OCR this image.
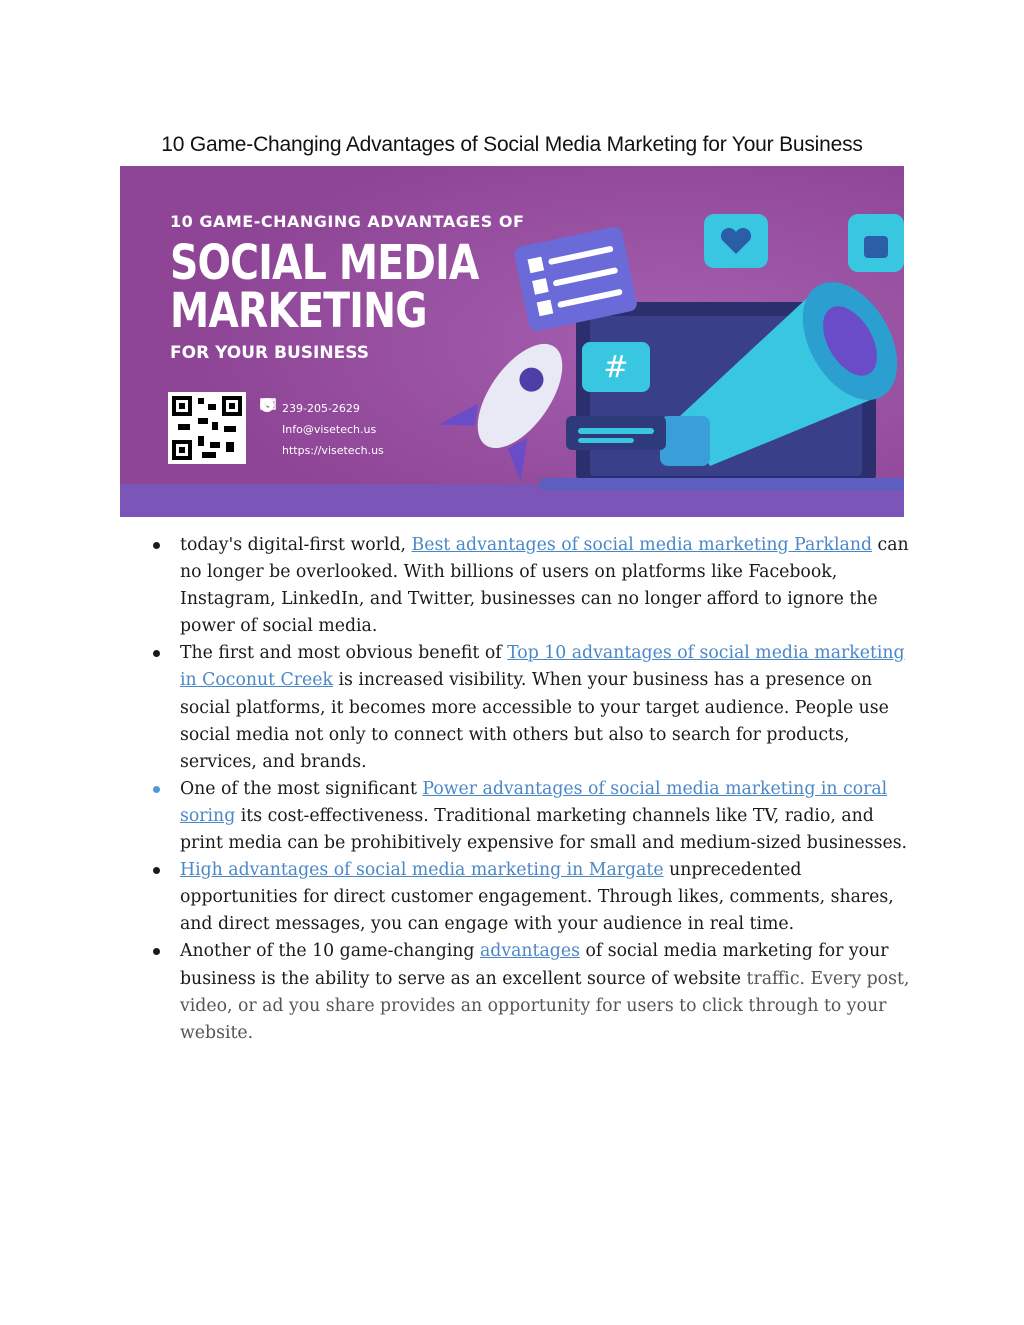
10 Game-Changing Advantages of Social Media Marketing for Your Business
#
10 GAME-CHANGING ADVANTAGES OF
SOCIAL MEDIA
MARKETING
FOR YOUR BUSINESS
239-205-2629
Info@visetech.us
https://visetech.us
today's digital-first world, Best advantages of social media marketing Parkland can no longer be overlooked. With billions of users on platforms like Facebook, Instagram, LinkedIn, and Twitter, businesses can no longer afford to ignore the power of social media.
The first and most obvious benefit of Top 10 advantages of social media marketing in Coconut Creek is increased visibility. When your business has a presence on social platforms, it becomes more accessible to your target audience. People use social media not only to connect with others but also to search for products, services, and brands.
One of the most significant Power advantages of social media marketing in coral soring its cost-effectiveness. Traditional marketing channels like TV, radio, and print media can be prohibitively expensive for small and medium-sized businesses.
High advantages of social media marketing in Margate unprecedented opportunities for direct customer engagement. Through likes, comments, shares, and direct messages, you can engage with your audience in real time.
Another of the 10 game-changing advantages of social media marketing for your business is the ability to serve as an excellent source of website traffic. Every post, video, or ad you share provides an opportunity for users to click through to your website.
